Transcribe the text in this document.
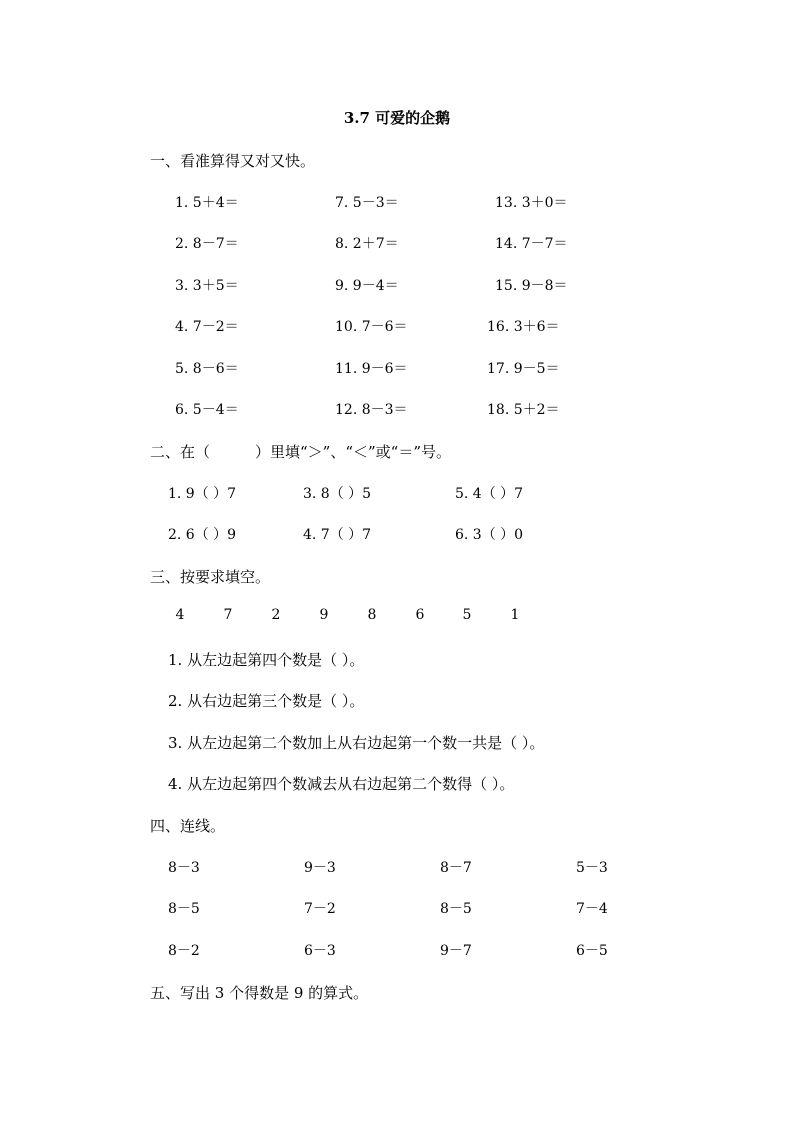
3.7 可爱的企鹅
一、看准算得又对又快。
1. 5＋4＝	7. 5－3＝	13. 3＋0＝
2. 8－7＝	8. 2＋7＝	14. 7－7＝
3. 3＋5＝	9. 9－4＝	15. 9－8＝
4. 7－2＝	10. 7－6＝	16. 3＋6＝
5. 8－6＝	11. 9－6＝	17. 9－5＝
6. 5－4＝	12. 8－3＝	18. 5＋2＝
二、在（　　　）里填“＞”、“＜”或“＝”号。
1. 9（ ）7	3. 8（ ）5	5. 4（ ）7
2. 6（ ）9	4. 7（ ）7	6. 3（ ）0
三、按要求填空。
4	7	2	9	8	6	5	1
1. 从左边起第四个数是（ ）。
2. 从右边起第三个数是（ ）。
3. 从左边起第二个数加上从右边起第一个数一共是（ ）。
4. 从左边起第四个数减去从右边起第二个数得（ ）。
四、连线。
8－3	9－3	8－7	5－3
8－5	7－2	8－5	7－4
8－2	6－3	9－7	6－5
五、写出 3 个得数是 9 的算式。
